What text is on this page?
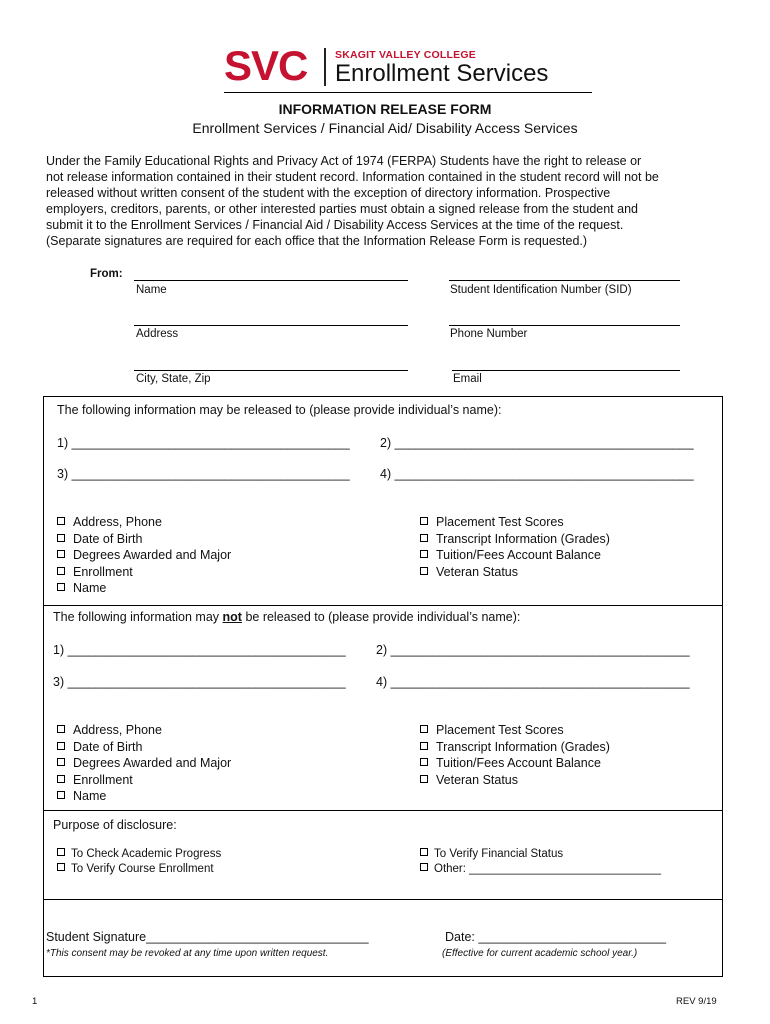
SVC	SKAGIT VALLEY COLLEGE
Enrollment Services
INFORMATION RELEASE FORM
Enrollment Services / Financial Aid/ Disability Access Services
Under the Family Educational Rights and Privacy Act of 1974 (FERPA) Students have the right to release or
not release information contained in their student record. Information contained in the student record will not be
released without written consent of the student with the exception of directory information. Prospective
employers, creditors, parents, or other interested parties must obtain a signed release from the student and
submit it to the Enrollment Services / Financial Aid / Disability Access Services at the time of the request.
(Separate signatures are required for each office that the Information Release Form is requested.)
From:
Name	Student Identification Number (SID)
Address	Phone Number
City, State, Zip	Email
The following information may be released to (please provide individual’s name):
1) ________________________________________ 2) ___________________________________________
3) ________________________________________ 4) ___________________________________________
Address, Phone
Date of Birth
Degrees Awarded and Major
Enrollment
Name
Placement Test Scores
Transcript Information (Grades)
Tuition/Fees Account Balance
Veteran Status
The following information may not be released to (please provide individual’s name):
1) ________________________________________ 2) ___________________________________________
3) ________________________________________ 4) ___________________________________________
Address, Phone
Date of Birth
Degrees Awarded and Major
Enrollment
Name
Placement Test Scores
Transcript Information (Grades)
Tuition/Fees Account Balance
Veteran Status
Purpose of disclosure:
To Check Academic Progress
To Verify Course Enrollment
To Verify Financial Status
Other: ______________________________
Student Signature________________________________	Date: ___________________________
*This consent may be revoked at any time upon written request.	(Effective for current academic school year.)
1	REV 9/19
